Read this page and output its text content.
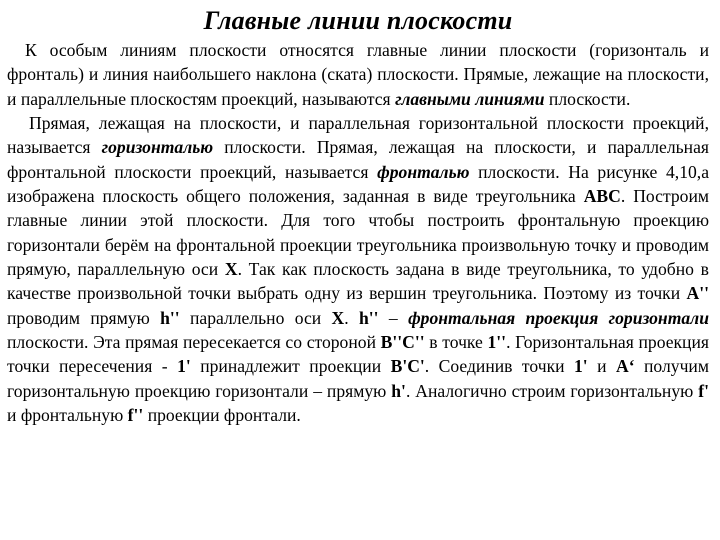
Главные линии плоскости

К особым линиям плоскости относятся главные линии плоскости (горизонталь и фронталь) и линия наибольшего наклона (ската) плоскости. Прямые, лежащие на плоскости, и параллельные плоскостям проекций, называются главными линиями плоскости.

Прямая, лежащая на плоскости, и параллельная горизонтальной плоскости проекций, называется горизонталью плоскости. Прямая, лежащая на плоскости, и параллельная фронтальной плоскости проекций, называется фронталью плоскости. На рисунке 4,10,а изображена плоскость общего положения, заданная в виде треугольника АВС. Построим главные линии этой плоскости. Для того чтобы построить фронтальную проекцию горизонтали берём на фронтальной проекции треугольника произвольную точку и проводим прямую, параллельную оси X. Так как плоскость задана в виде треугольника, то удобно в качестве произвольной точки выбрать одну из вершин треугольника. Поэтому из точки A'' проводим прямую h'' параллельно оси X. h'' – фронтальная проекция горизонтали плоскости. Эта прямая пересекается со стороной B''C'' в точке 1''. Горизонтальная проекция точки пересечения - 1' принадлежит проекции B'C'. Соединив точки 1' и A‘ получим горизонтальную проекцию горизонтали – прямую h'. Аналогично строим горизонтальную f' и фронтальную f'' проекции фронтали.
